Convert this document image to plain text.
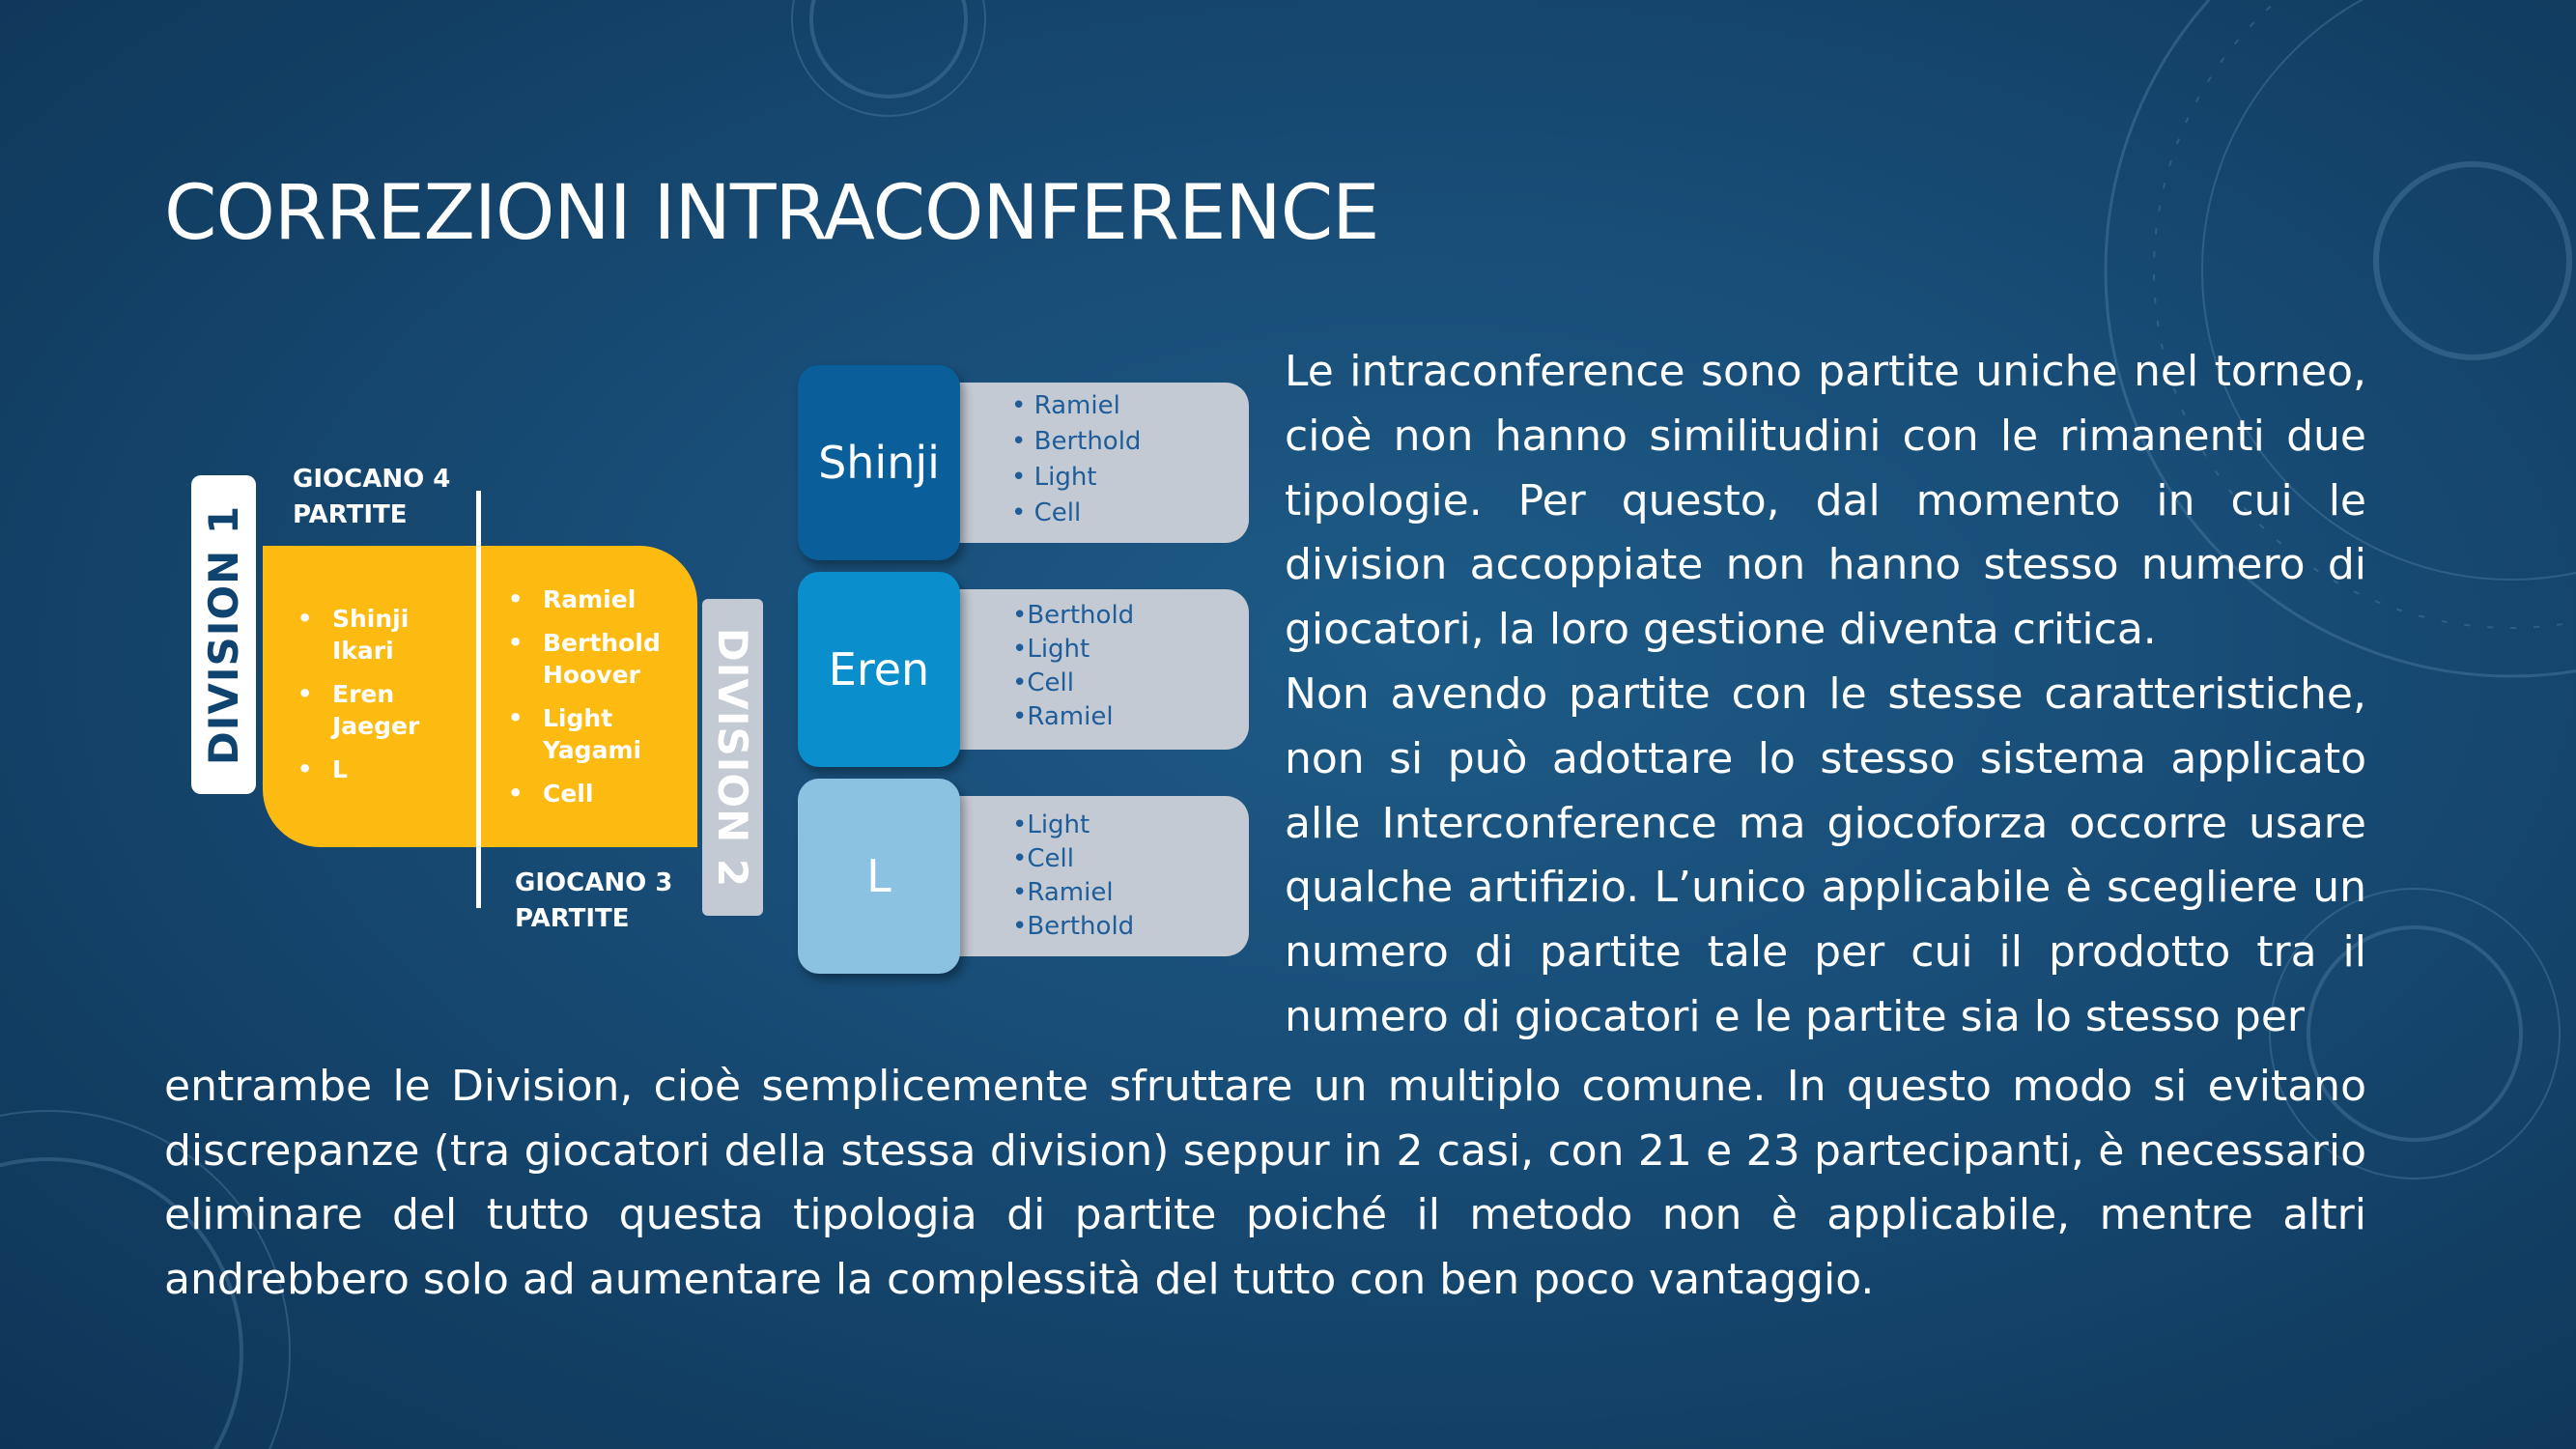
CORREZIONI INTRACONFERENCE
DIVISION 1
GIOCANO 4
PARTITE
• Shinji
Ikari
• Eren
Jaeger
• L
• Ramiel
• Berthold
Hoover
• Light
Yagami
• Cell
GIOCANO 3
PARTITE
DIVISION 2
Shinji
• Ramiel
• Berthold
• Light
• Cell
Eren
• Berthold
• Light
• Cell
• Ramiel
L
• Light
• Cell
• Ramiel
• Berthold
Le intraconference sono partite uniche nel torneo, cioè non hanno similitudini con le rimanenti due tipologie. Per questo, dal momento in cui le division accoppiate non hanno stesso numero di giocatori, la loro gestione diventa critica.
Non avendo partite con le stesse caratteristiche, non si può adottare lo stesso sistema applicato alle Interconference ma giocoforza occorre usare qualche artifizio. L’unico applicabile è scegliere un numero di partite tale per cui il prodotto tra il numero di giocatori e le partite sia lo stesso per

entrambe le Division, cioè semplicemente sfruttare un multiplo comune. In questo modo si evitano discrepanze (tra giocatori della stessa division) seppur in 2 casi, con 21 e 23 partecipanti, è necessario eliminare del tutto questa tipologia di partite poiché il metodo non è applicabile, mentre altri andrebbero solo ad aumentare la complessità del tutto con ben poco vantaggio.
